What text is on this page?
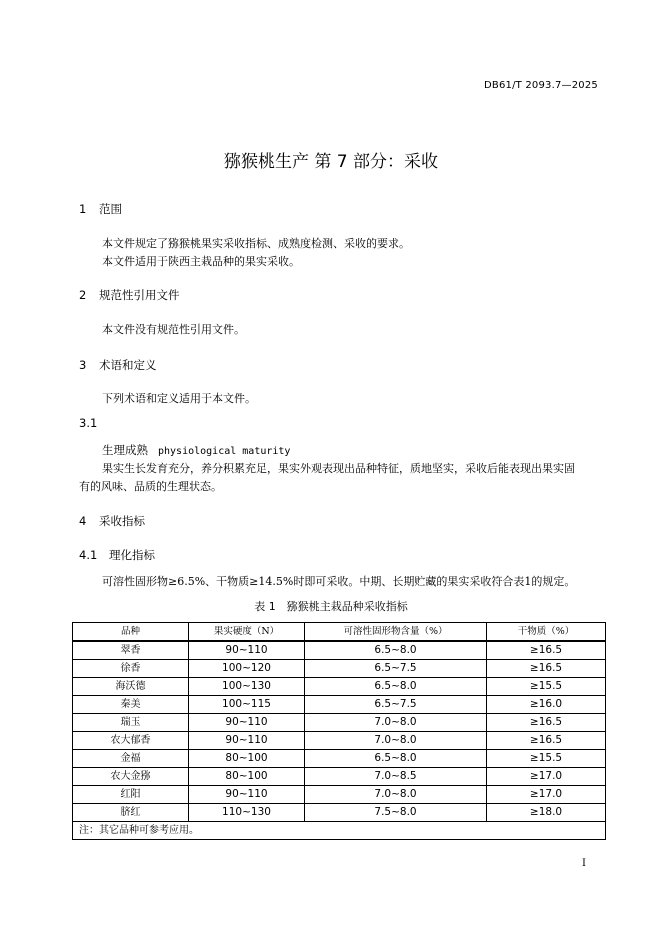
DB61/T 2093.7—2025
猕猴桃生产 第 7 部分：采收
1 范围
本文件规定了猕猴桃果实采收指标、成熟度检测、采收的要求。
本文件适用于陕西主栽品种的果实采收。
2 规范性引用文件
本文件没有规范性引用文件。
3 术语和定义
下列术语和定义适用于本文件。
3.1
生理成熟 physiological maturity
果实生长发育充分，养分积累充足，果实外观表现出品种特征，质地坚实，采收后能表现出果实固
有的风味、品质的生理状态。
4 采收指标
4.1 理化指标
可溶性固形物≥6.5%、干物质≥14.5%时即可采收。中期、长期贮藏的果实采收符合表1的规定。
表 1　猕猴桃主栽品种采收指标
品种	果实硬度（N）	可溶性固形物含量（%）	干物质（%）
翠香	90~110	6.5~8.0	≥16.5
徐香	100~120	6.5~7.5	≥16.5
海沃德	100~130	6.5~8.0	≥15.5
秦美	100~115	6.5~7.5	≥16.0
瑞玉	90~110	7.0~8.0	≥16.5
农大郁香	90~110	7.0~8.0	≥16.5
金福	80~100	6.5~8.0	≥15.5
农大金猕	80~100	7.0~8.5	≥17.0
红阳	90~110	7.0~8.0	≥17.0
脐红	110~130	7.5~8.0	≥18.0
注：其它品种可参考应用。			
I
